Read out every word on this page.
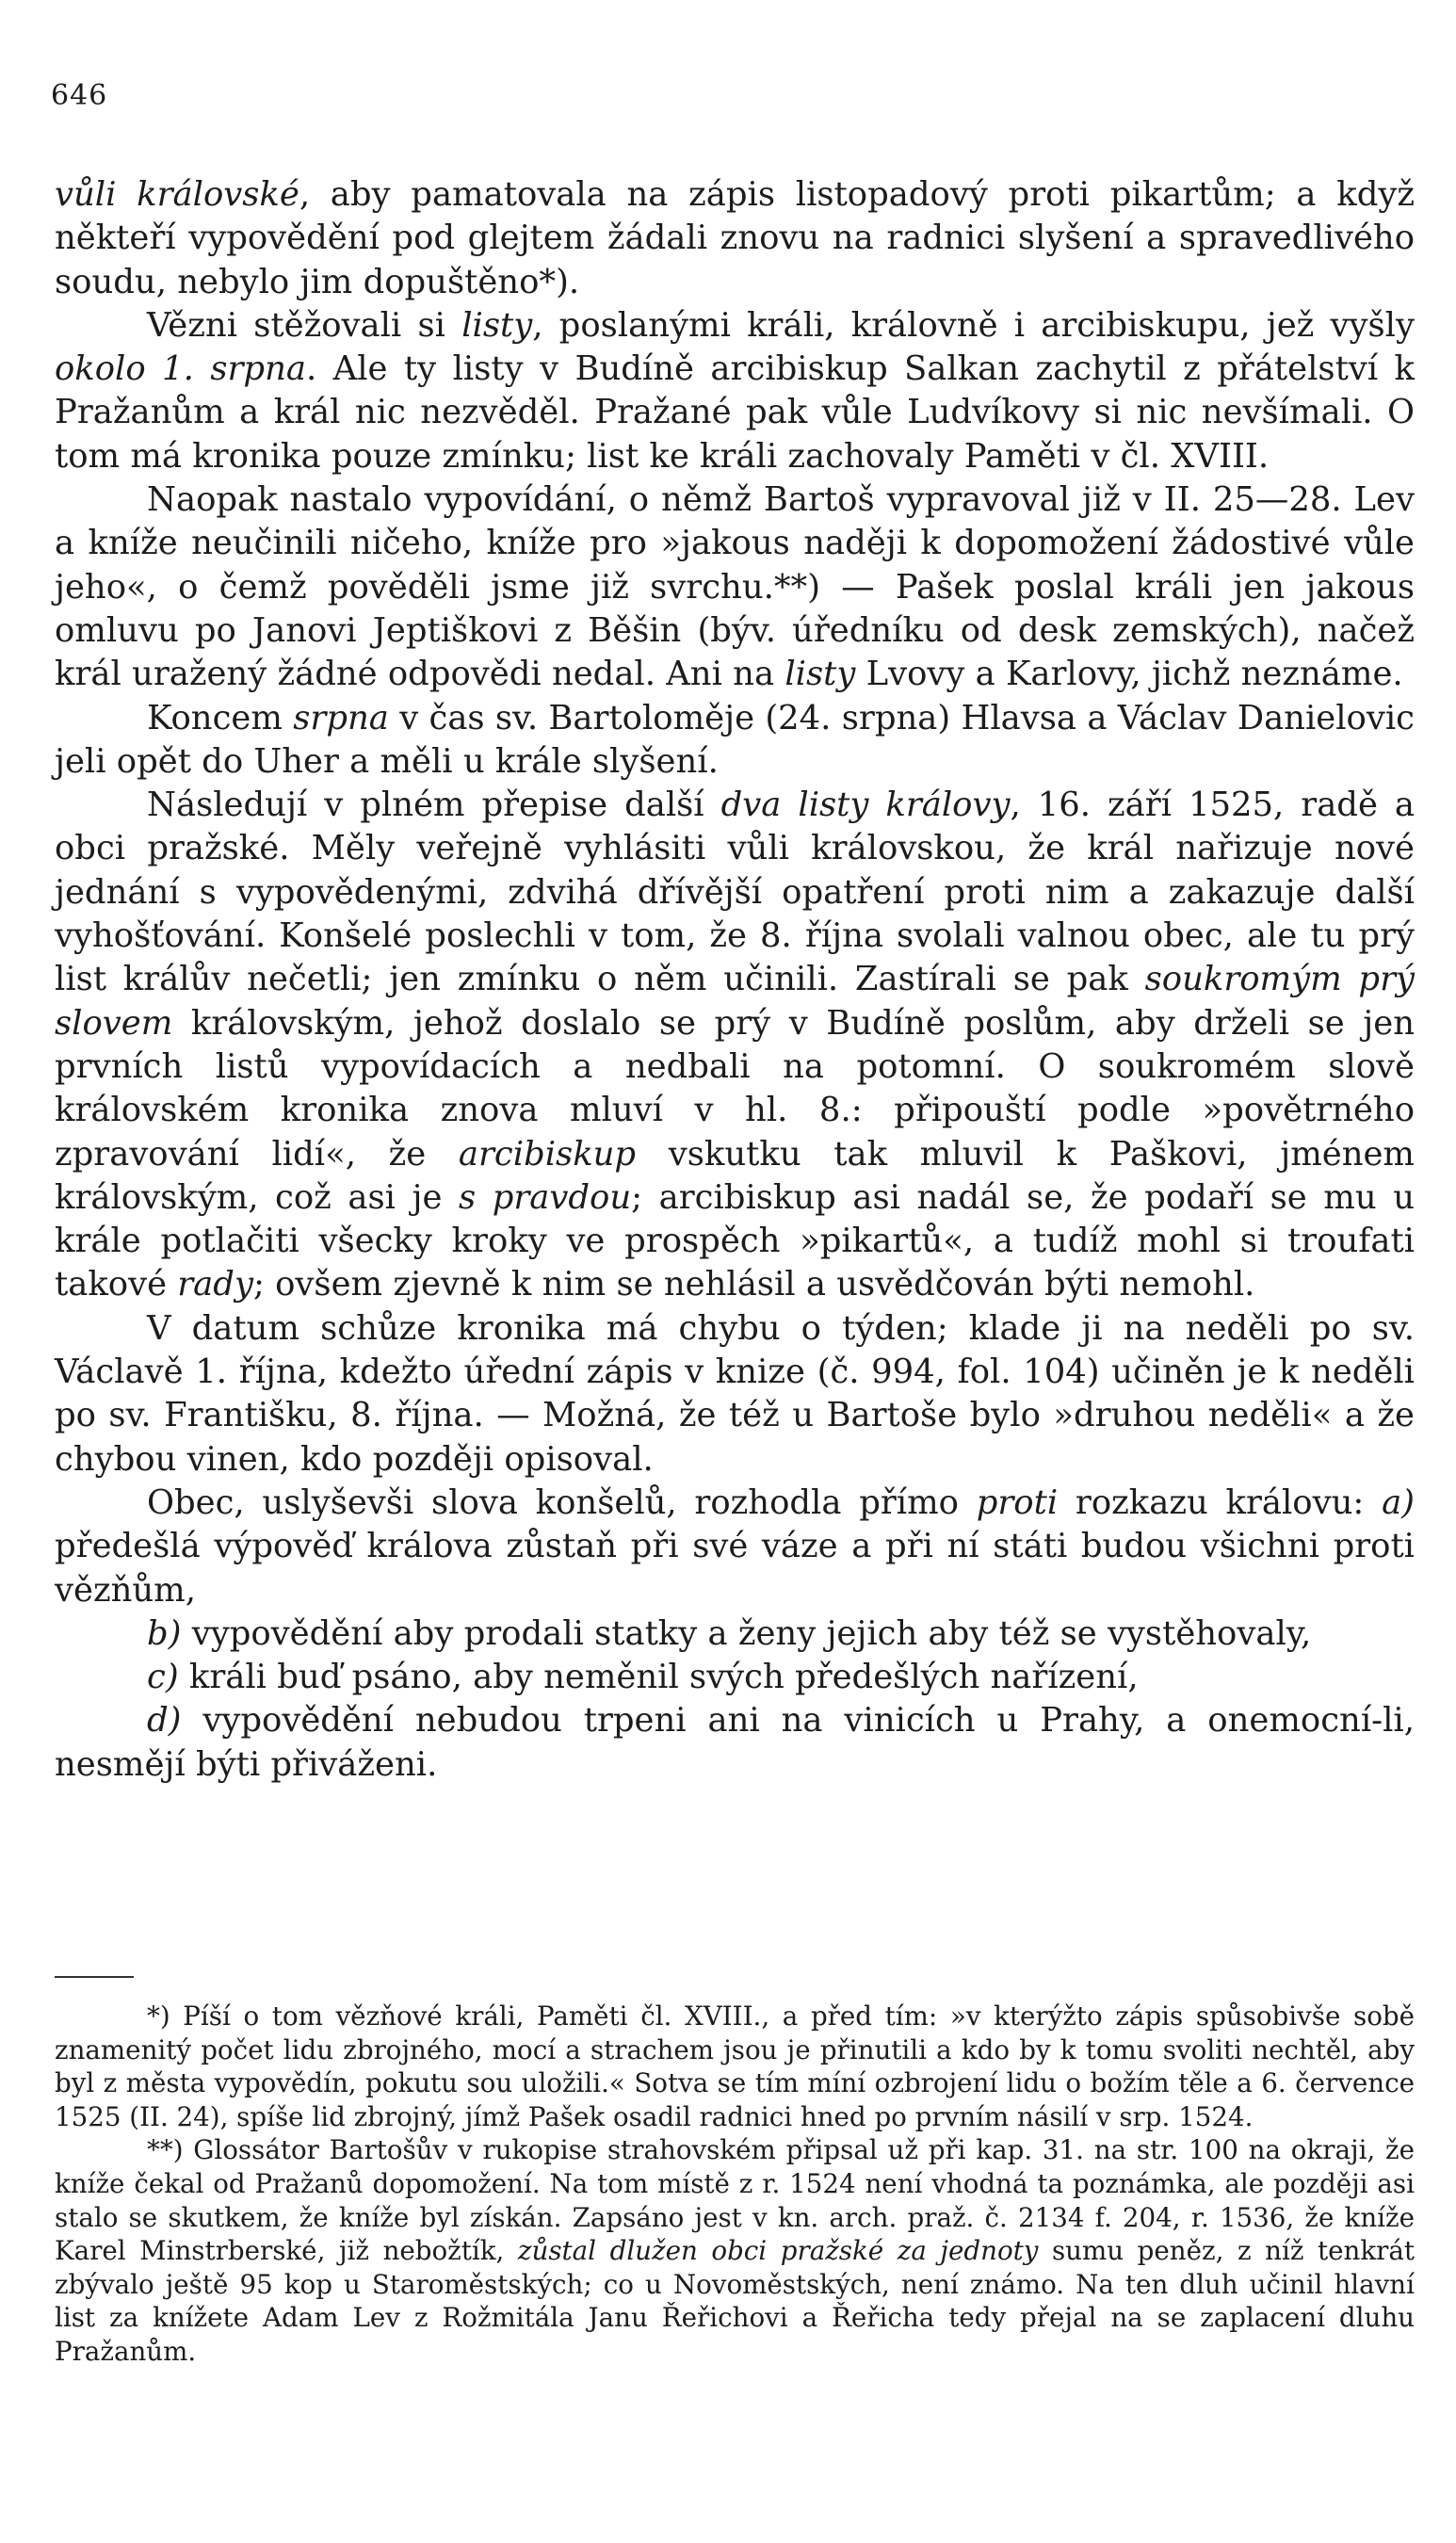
646

vůli královské, aby pamatovala na zápis listopadový proti pikartům; a když někteří vypovědění pod glejtem žádali znovu na radnici slyšení a spravedlivého soudu, nebylo jim dopuštěno*).

Vězni stěžovali si listy, poslanými králi, královně i arcibiskupu, jež vyšly okolo 1. srpna. Ale ty listy v Budíně arcibiskup Salkan zachytil z přátelství k Pražanům a král nic nezvěděl. Pražané pak vůle Ludvíkovy si nic nevšímali. O tom má kronika pouze zmínku; list ke králi zachovaly Paměti v čl. XVIII.

Naopak nastalo vypovídání, o němž Bartoš vypravoval již v II. 25—28. Lev a kníže neučinili ničeho, kníže pro »jakous naději k dopomožení žádostivé vůle jeho«, o čemž pověděli jsme již svrchu.**) — Pašek poslal králi jen jakous omluvu po Janovi Jeptiškovi z Běšin (býv. úředníku od desk zemských), načež král uražený žádné odpovědi nedal. Ani na listy Lvovy a Karlovy, jichž neznáme.

Koncem srpna v čas sv. Bartoloměje (24. srpna) Hlavsa a Václav Danielovic jeli opět do Uher a měli u krále slyšení.

Následují v plném přepise další dva listy královy, 16. září 1525, radě a obci pražské. Měly veřejně vyhlásiti vůli královskou, že král nařizuje nové jednání s vypovědenými, zdvihá dřívější opatření proti nim a zakazuje další vyhošťování. Konšelé poslechli v tom, že 8. října svolali valnou obec, ale tu prý list králův nečetli; jen zmínku o něm učinili. Zastírali se pak soukromým prý slovem královským, jehož doslalo se prý v Budíně poslům, aby drželi se jen prvních listů vypovídacích a nedbali na potomní. O soukromém slově královském kronika znova mluví v hl. 8.: připouští podle »povětrného zpravování lidí«, že arcibiskup vskutku tak mluvil k Paškovi, jménem královským, což asi je s pravdou; arcibiskup asi nadál se, že podaří se mu u krále potlačiti všecky kroky ve prospěch »pikartů«, a tudíž mohl si troufati takové rady; ovšem zjevně k nim se nehlásil a usvědčován býti nemohl.

V datum schůze kronika má chybu o týden; klade ji na neděli po sv. Václavě 1. října, kdežto úřední zápis v knize (č. 994, fol. 104) učiněn je k neděli po sv. Františku, 8. října. — Možná, že též u Bartoše bylo »druhou neděli« a že chybou vinen, kdo později opisoval.

Obec, uslyševši slova konšelů, rozhodla přímo proti rozkazu královu: a) předešlá výpověď králova zůstaň při své váze a při ní státi budou všichni proti vězňům,

b) vypovědění aby prodali statky a ženy jejich aby též se vystěhovaly,

c) králi buď psáno, aby neměnil svých předešlých nařízení,

d) vypovědění nebudou trpeni ani na vinicích u Prahy, a onemocní-li, nesmějí býti přiváženi.

*) Píší o tom vězňové králi, Paměti čl. XVIII., a před tím: »v kterýžto zápis spůsobivše sobě znamenitý počet lidu zbrojného, mocí a strachem jsou je přinutili a kdo by k tomu svoliti nechtěl, aby byl z města vypovědín, pokutu sou uložili.« Sotva se tím míní ozbrojení lidu o božím těle a 6. července 1525 (II. 24), spíše lid zbrojný, jímž Pašek osadil radnici hned po prvním násilí v srp. 1524.

**) Glossátor Bartošův v rukopise strahovském připsal už při kap. 31. na str. 100 na okraji, že kníže čekal od Pražanů dopomožení. Na tom místě z r. 1524 není vhodná ta poznámka, ale později asi stalo se skutkem, že kníže byl získán. Zapsáno jest v kn. arch. praž. č. 2134 f. 204, r. 1536, že kníže Karel Minstrberské, již nebožtík, zůstal dlužen obci pražské za jednoty sumu peněz, z níž tenkrát zbývalo ještě 95 kop u Staroměstských; co u Novoměstských, není známo. Na ten dluh učinil hlavní list za knížete Adam Lev z Rožmitála Janu Řeřichovi a Řeřicha tedy přejal na se zaplacení dluhu Pražanům.
